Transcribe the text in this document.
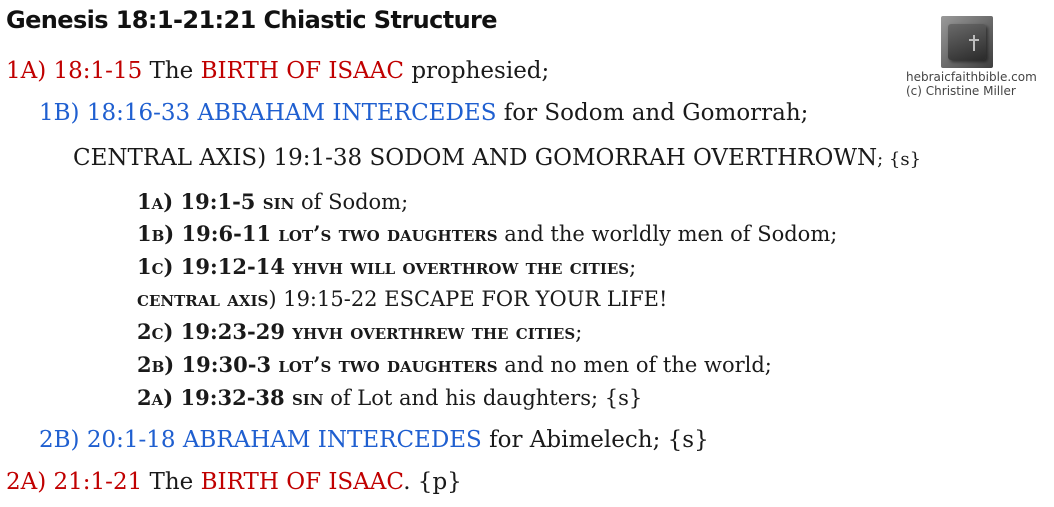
Genesis 18:1-21:21 Chiastic Structure
hebraicfaithbible.com
(c) Christine Miller
1A) 18:1-15 The BIRTH OF ISAAC prophesied;
1B) 18:16-33 ABRAHAM INTERCEDES for Sodom and Gomorrah;
CENTRAL AXIS) 19:1-38 SODOM AND GOMORRAH OVERTHROWN; {s}
1a) 19:1-5 sin of Sodom;
1b) 19:6-11 lot’s two daughters and the worldly men of Sodom;
1c) 19:12-14 yhvh will overthrow the cities;
central axis) 19:15-22 ESCAPE FOR YOUR LIFE!
2c) 19:23-29 yhvh overthrew the cities;
2b) 19:30-3 lot’s two daughters and no men of the world;
2a) 19:32-38 sin of Lot and his daughters; {s}
2B) 20:1-18 ABRAHAM INTERCEDES for Abimelech; {s}
2A) 21:1-21 The BIRTH OF ISAAC. {p}
